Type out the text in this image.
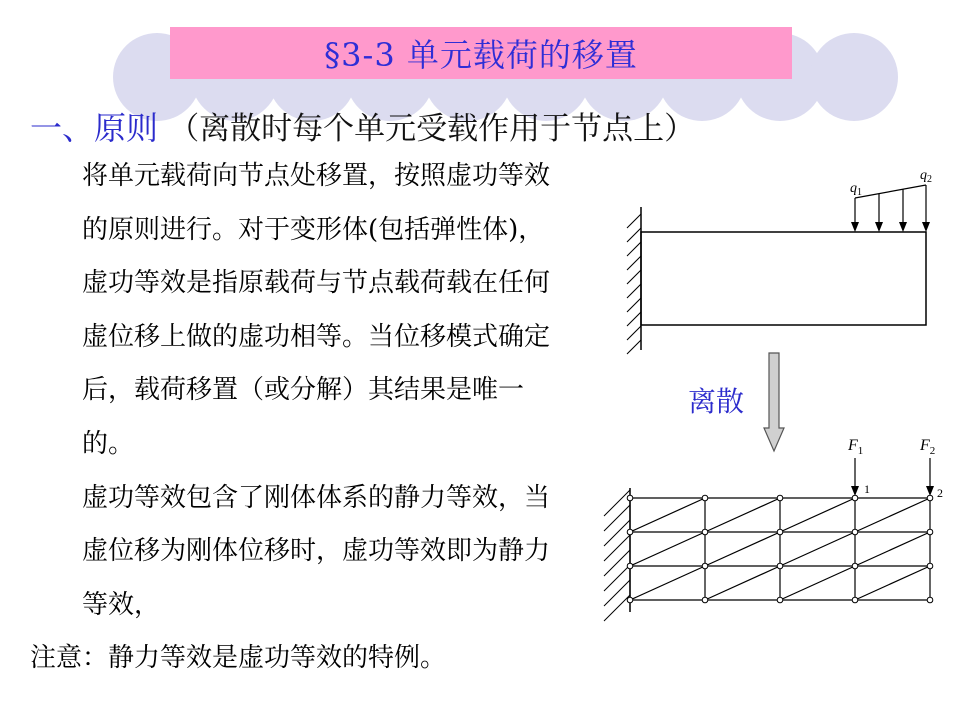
§3-3 单元载荷的移置
一、原则 （离散时每个单元受载作用于节点上）
将单元载荷向节点处移置，按照虚功等效的原则进行。对于变形体(包括弹性体)，虚功等效是指原载荷与节点载荷载在任何虚位移上做的虚功相等。当位移模式确定后，载荷移置（或分解）其结果是唯一的。
虚功等效包含了刚体体系的静力等效，当虚位移为刚体位移时，虚功等效即为静力等效，
注意：静力等效是虚功等效的特例。
离散
$q_1$
$q_2$
$F_1$	$F_2$
1	2
